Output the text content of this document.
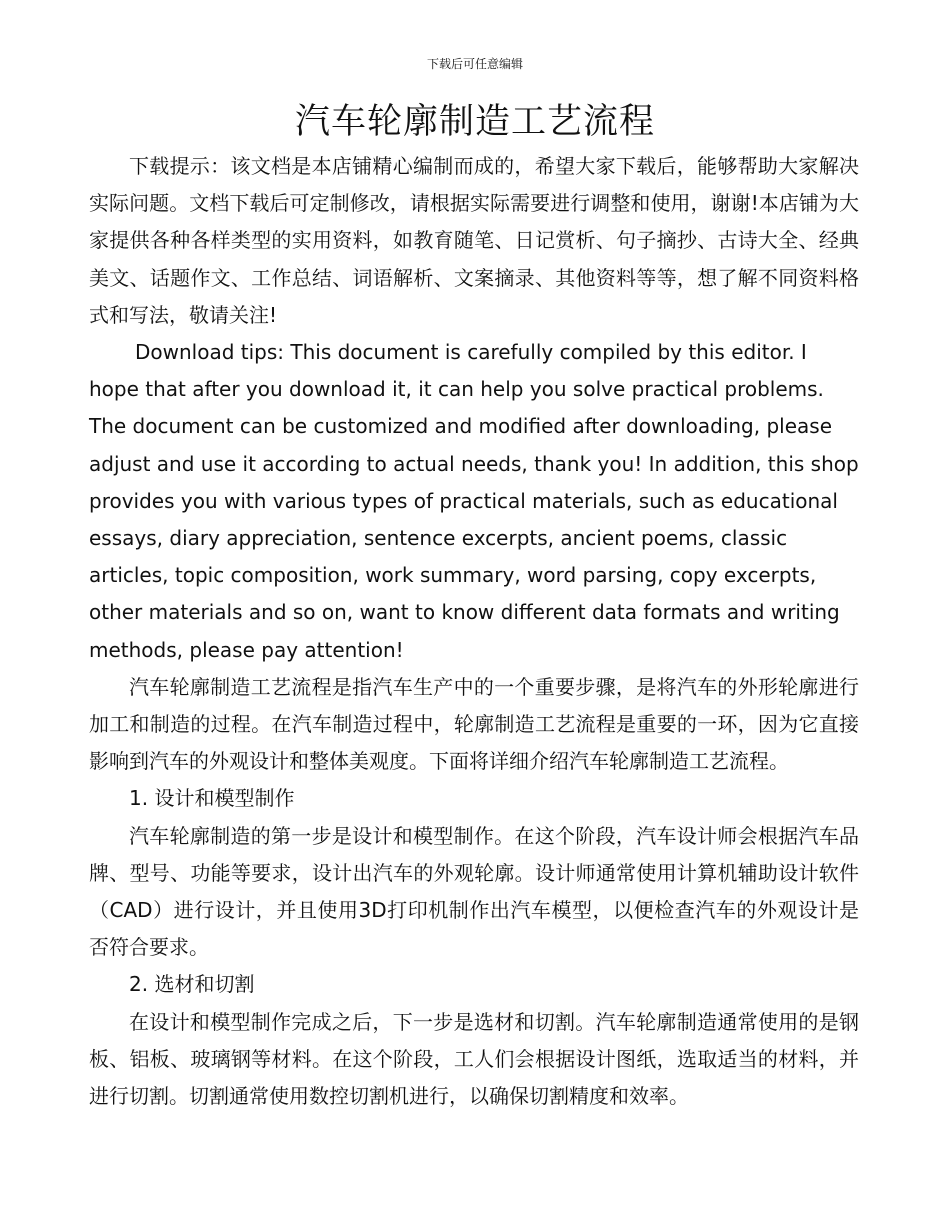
下载后可任意编辑
汽车轮廓制造工艺流程

下载提示：该文档是本店铺精心编制而成的，希望大家下载后，能够帮助大家解决实际问题。文档下载后可定制修改，请根据实际需要进行调整和使用，谢谢!本店铺为大家提供各种各样类型的实用资料，如教育随笔、日记赏析、句子摘抄、古诗大全、经典美文、话题作文、工作总结、词语解析、文案摘录、其他资料等等，想了解不同资料格式和写法，敬请关注!

Download tips: This document is carefully compiled by this editor. I hope that after you download it, it can help you solve practical problems. The document can be customized and modified after downloading, please adjust and use it according to actual needs, thank you! In addition, this shop provides you with various types of practical materials, such as educational essays, diary appreciation, sentence excerpts, ancient poems, classic articles, topic composition, work summary, word parsing, copy excerpts, other materials and so on, want to know different data formats and writing methods, please pay attention!

汽车轮廓制造工艺流程是指汽车生产中的一个重要步骤，是将汽车的外形轮廓进行加工和制造的过程。在汽车制造过程中，轮廓制造工艺流程是重要的一环，因为它直接影响到汽车的外观设计和整体美观度。下面将详细介绍汽车轮廓制造工艺流程。

1. 设计和模型制作

汽车轮廓制造的第一步是设计和模型制作。在这个阶段，汽车设计师会根据汽车品牌、型号、功能等要求，设计出汽车的外观轮廓。设计师通常使用计算机辅助设计软件（CAD）进行设计，并且使用3D打印机制作出汽车模型，以便检查汽车的外观设计是否符合要求。

2. 选材和切割

在设计和模型制作完成之后，下一步是选材和切割。汽车轮廓制造通常使用的是钢板、铝板、玻璃钢等材料。在这个阶段，工人们会根据设计图纸，选取适当的材料，并进行切割。切割通常使用数控切割机进行，以确保切割精度和效率。
